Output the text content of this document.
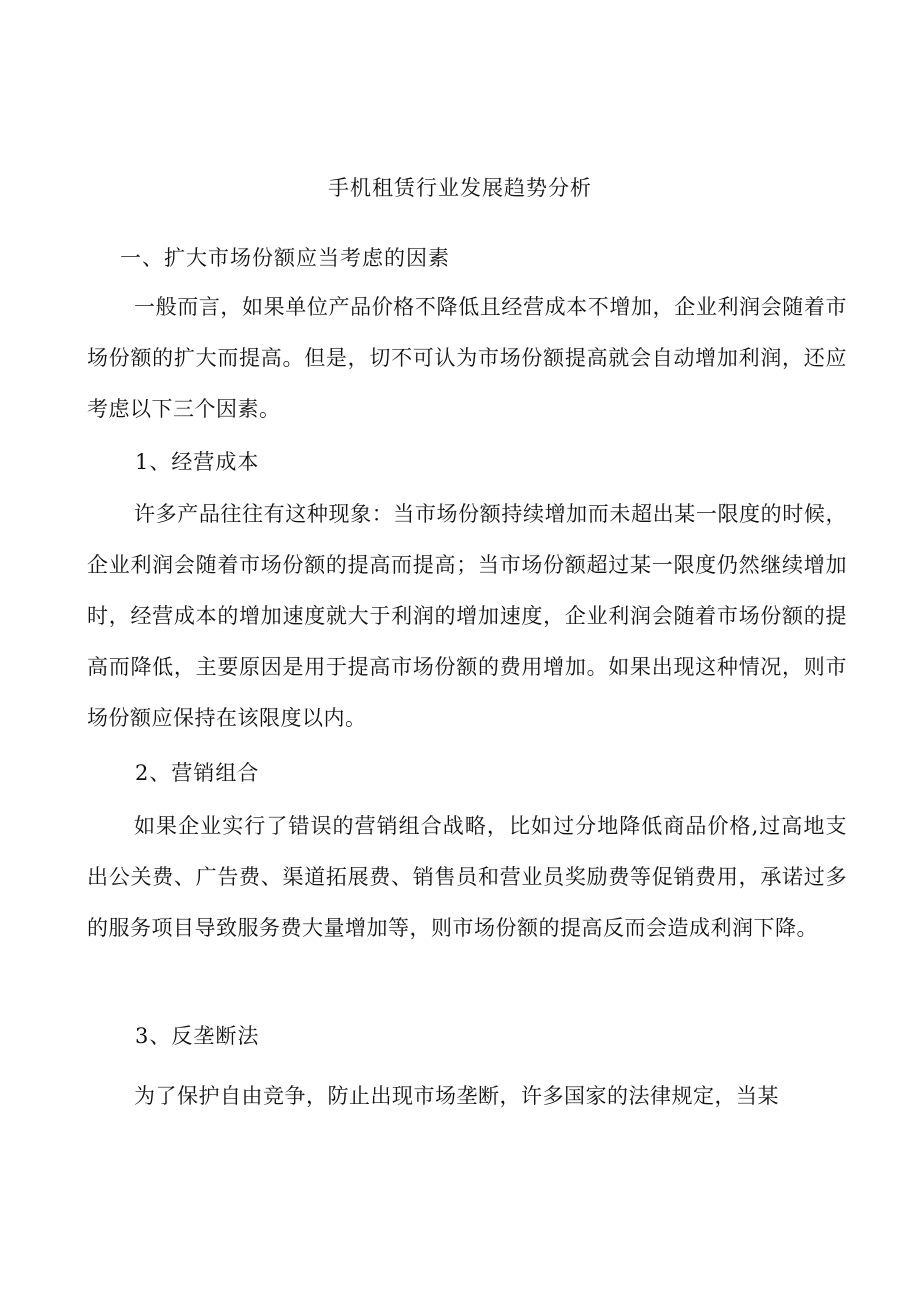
手机租赁行业发展趋势分析
一、扩大市场份额应当考虑的因素

一般而言，如果单位产品价格不降低且经营成本不增加，企业利润会随着市场份额的扩大而提高。但是，切不可认为市场份额提高就会自动增加利润，还应考虑以下三个因素。

1、经营成本

许多产品往往有这种现象：当市场份额持续增加而未超出某一限度的时候，企业利润会随着市场份额的提高而提高；当市场份额超过某一限度仍然继续增加时，经营成本的增加速度就大于利润的增加速度，企业利润会随着市场份额的提高而降低，主要原因是用于提高市场份额的费用增加。如果出现这种情况，则市场份额应保持在该限度以内。

2、营销组合

如果企业实行了错误的营销组合战略，比如过分地降低商品价格,过高地支出公关费、广告费、渠道拓展费、销售员和营业员奖励费等促销费用，承诺过多的服务项目导致服务费大量增加等，则市场份额的提高反而会造成利润下降。

3、反垄断法

为了保护自由竞争，防止出现市场垄断，许多国家的法律规定，当某
